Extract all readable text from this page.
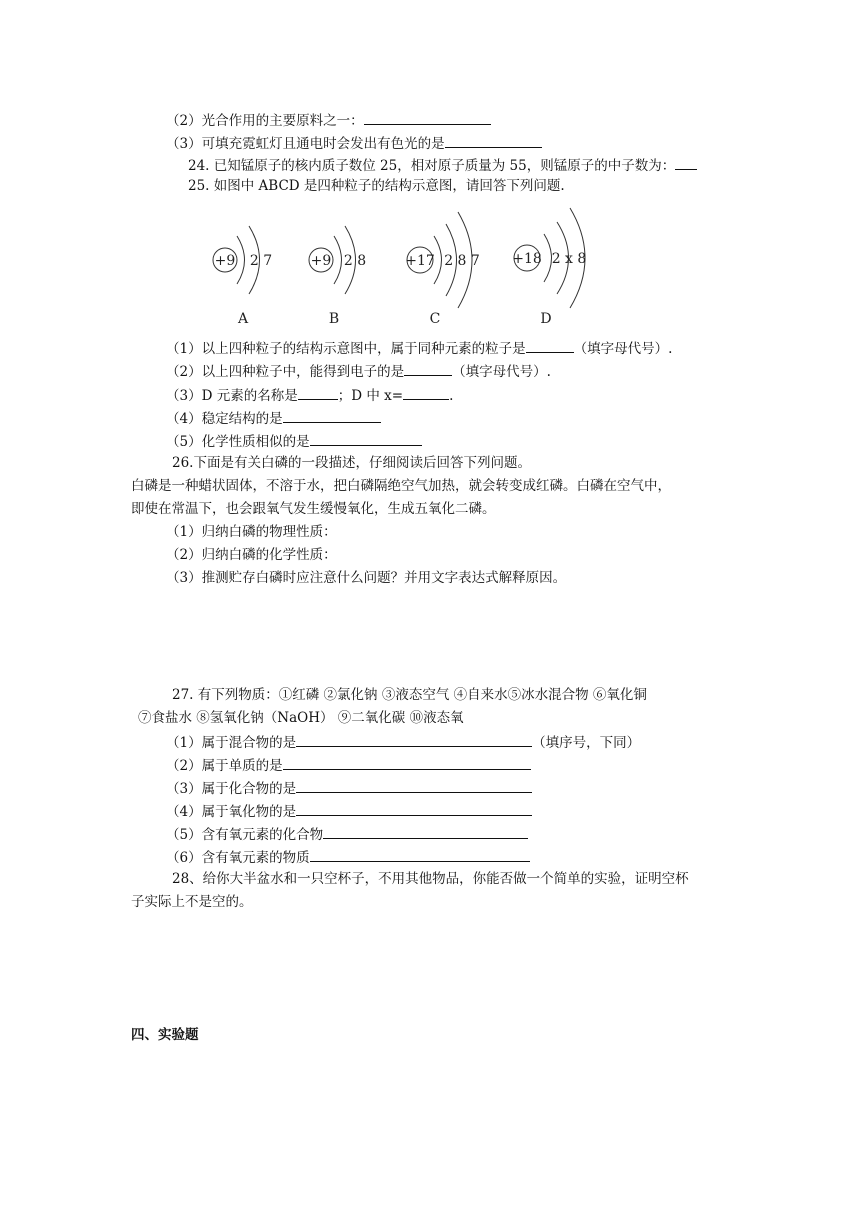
（2）光合作用的主要原料之一：
（3）可填充霓虹灯且通电时会发出有色光的是
24. 已知锰原子的核内质子数位 25，相对原子质量为 55，则锰原子的中子数为：
25. 如图中 ABCD 是四种粒子的结构示意图，请回答下列问题.
+9 2 7
A
+9 2 8
B
+17 2 8 7
C
+18 2 x 8
D
（1）以上四种粒子的结构示意图中，属于同种元素的粒子是	（填字母代号）.
（2）以上四种粒子中，能得到电子的是	（填字母代号）.
（3）D 元素的名称是	；D 中 x=	.
（4）稳定结构的是
（5）化学性质相似的是
26.下面是有关白磷的一段描述，仔细阅读后回答下列问题。
白磷是一种蜡状固体，不溶于水，把白磷隔绝空气加热，就会转变成红磷。白磷在空气中，
即使在常温下，也会跟氧气发生缓慢氧化，生成五氧化二磷。
（1）归纳白磷的物理性质：
（2）归纳白磷的化学性质：
（3）推测贮存白磷时应注意什么问题？并用文字表达式解释原因。
27. 有下列物质：①红磷 ②氯化钠 ③液态空气 ④自来水⑤冰水混合物 ⑥氧化铜
⑦食盐水 ⑧氢氧化钠（NaOH） ⑨二氧化碳 ⑩液态氧
（1）属于混合物的是	（填序号，下同）
（2）属于单质的是
（3）属于化合物的是
（4）属于氧化物的是
（5）含有氧元素的化合物
（6）含有氧元素的物质
28、给你大半盆水和一只空杯子，不用其他物品，你能否做一个简单的实验，证明空杯
子实际上不是空的。
四、实验题
